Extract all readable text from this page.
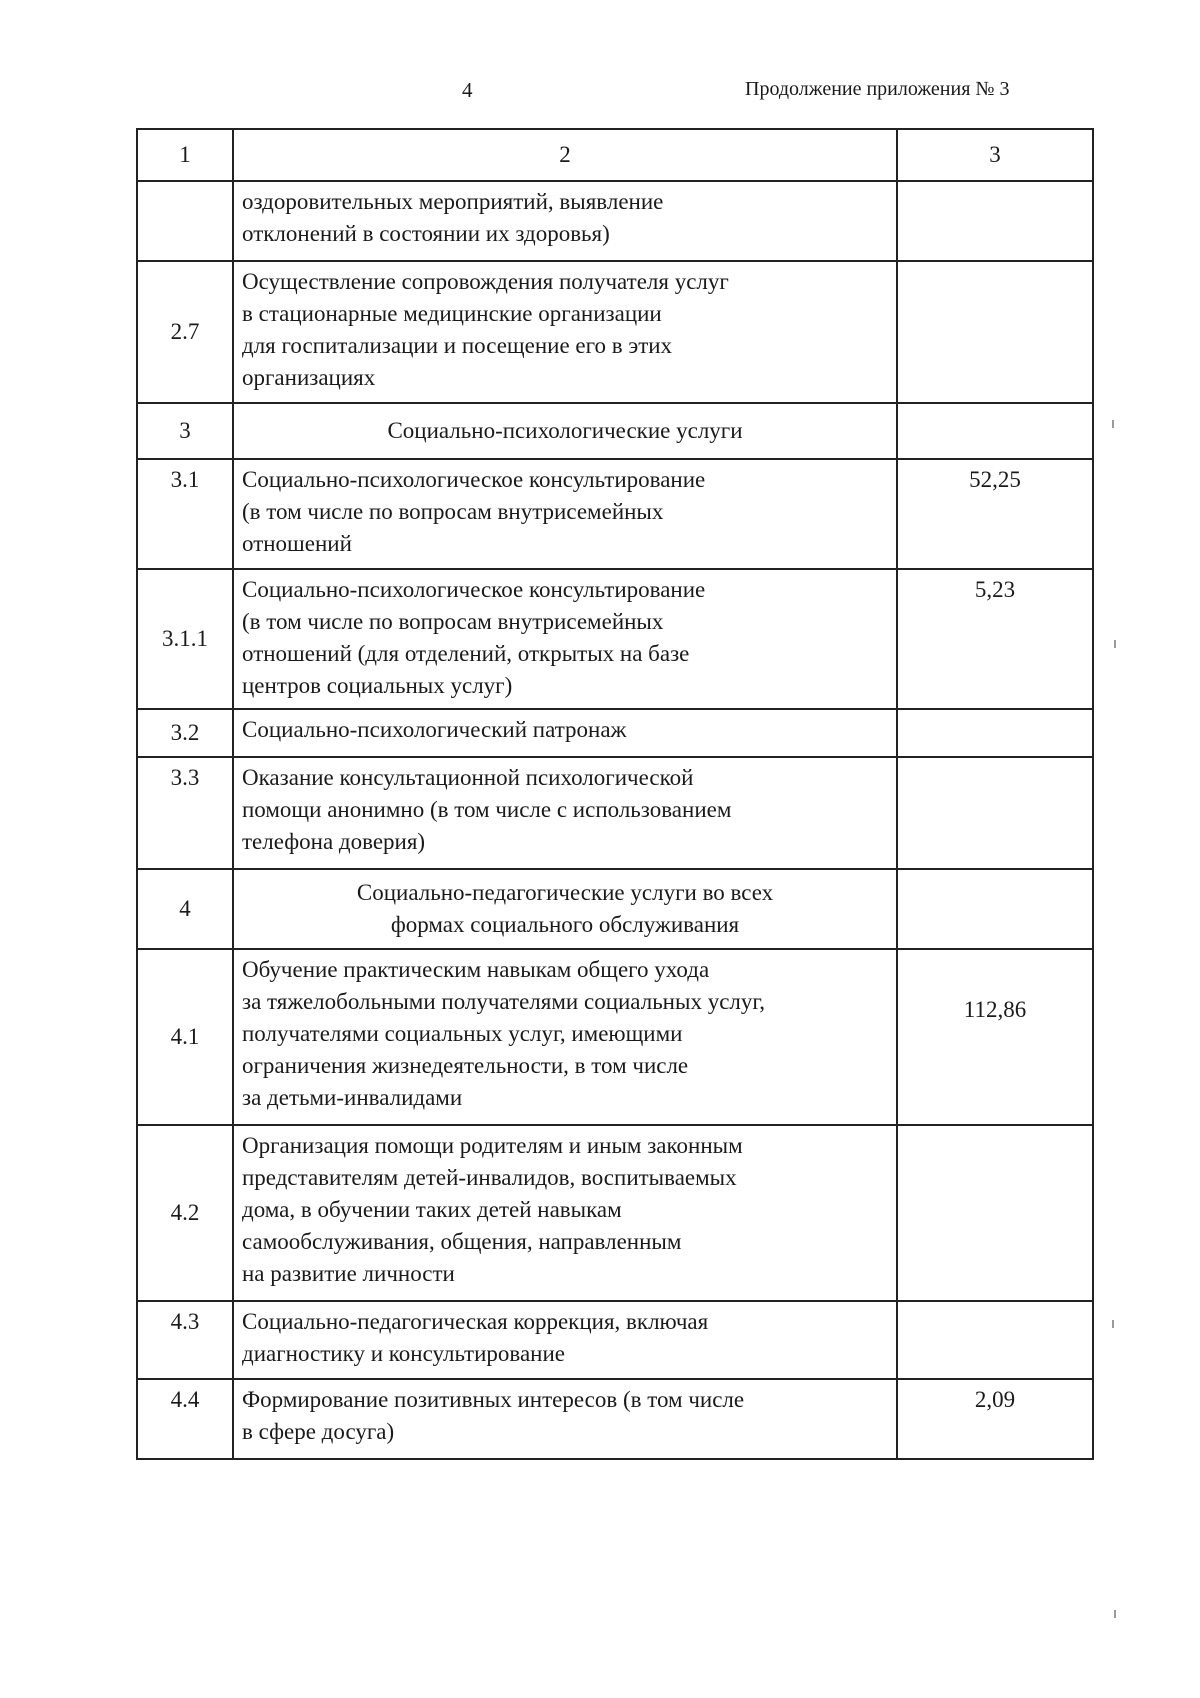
4	Продолжение приложения № 3
1	2	3
	оздоровительных мероприятий, выявление
отклонений в состоянии их здоровья)	
2.7	Осуществление сопровождения получателя услуг
в стационарные медицинские организации
для госпитализации и посещение его в этих
организациях	
3	Социально-психологические услуги	
3.1	Социально-психологическое консультирование
(в том числе по вопросам внутрисемейных
отношений	52,25
3.1.1	Социально-психологическое консультирование
(в том числе по вопросам внутрисемейных
отношений (для отделений, открытых на базе
центров социальных услуг)	5,23
3.2	Социально-психологический патронаж	
3.3	Оказание консультационной психологической
помощи анонимно (в том числе с использованием
телефона доверия)	
4	Социально-педагогические услуги во всех
формах социального обслуживания	
4.1	Обучение практическим навыкам общего ухода
за тяжелобольными получателями социальных услуг,
получателями социальных услуг, имеющими
ограничения жизнедеятельности, в том числе
за детьми-инвалидами	112,86
4.2	Организация помощи родителям и иным законным
представителям детей-инвалидов, воспитываемых
дома, в обучении таких детей навыкам
самообслуживания, общения, направленным
на развитие личности	
4.3	Социально-педагогическая коррекция, включая
диагностику и консультирование	
4.4	Формирование позитивных интересов (в том числе
в сфере досуга)	2,09
